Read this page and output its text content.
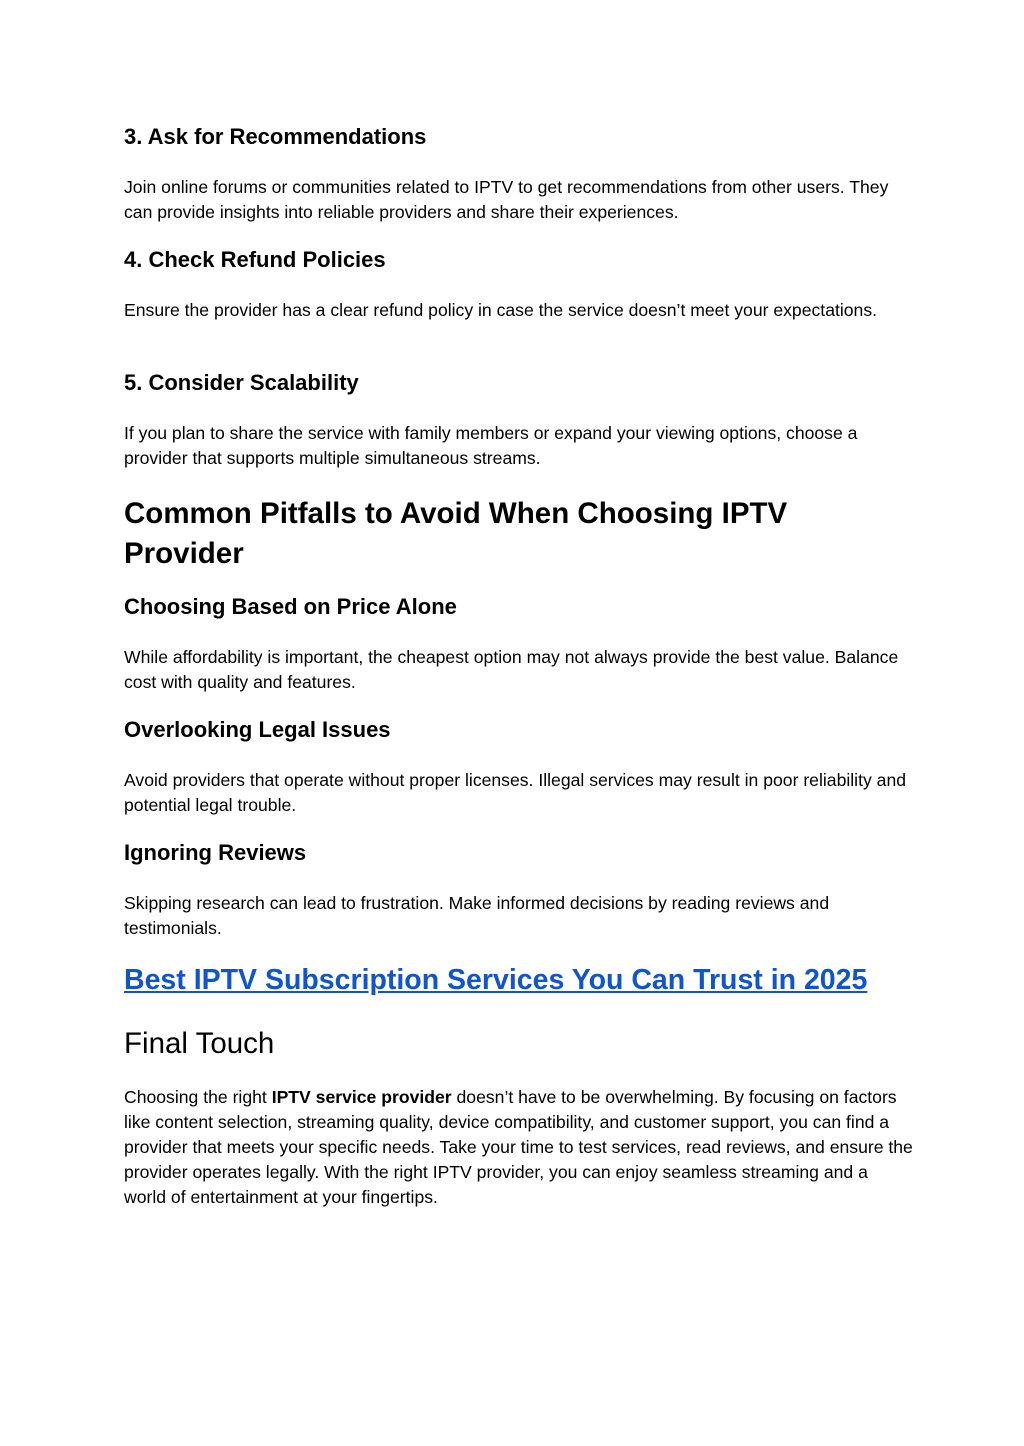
3. Ask for Recommendations

Join online forums or communities related to IPTV to get recommendations from other users. They can provide insights into reliable providers and share their experiences.

4. Check Refund Policies

Ensure the provider has a clear refund policy in case the service doesn’t meet your expectations.

5. Consider Scalability

If you plan to share the service with family members or expand your viewing options, choose a provider that supports multiple simultaneous streams.

Common Pitfalls to Avoid When Choosing IPTV Provider
Choosing Based on Price Alone

While affordability is important, the cheapest option may not always provide the best value. Balance cost with quality and features.

Overlooking Legal Issues

Avoid providers that operate without proper licenses. Illegal services may result in poor reliability and potential legal trouble.

Ignoring Reviews

Skipping research can lead to frustration. Make informed decisions by reading reviews and testimonials.

Best IPTV Subscription Services You Can Trust in 2025
Final Touch

Choosing the right IPTV service provider doesn’t have to be overwhelming. By focusing on factors like content selection, streaming quality, device compatibility, and customer support, you can find a provider that meets your specific needs. Take your time to test services, read reviews, and ensure the provider operates legally. With the right IPTV provider, you can enjoy seamless streaming and a world of entertainment at your fingertips.
